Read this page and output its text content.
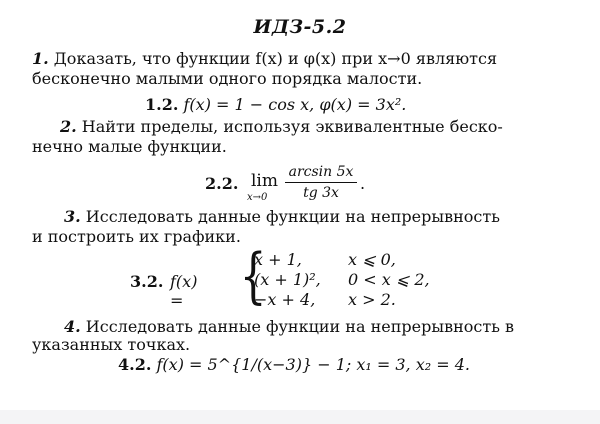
ИДЗ-5.2
1. Доказать, что функции f(x) и φ(x) при x→0 являются
бесконечно малыми одного порядка малости.
1.2. f(x) = 1 − cos x, φ(x) = 3x².
2. Найти пределы, используя эквивалентные беско-
нечно малые функции.
2.2. lim
x→0
arcsin 5x
tg 3x	.
3. Исследовать данные функции на непрерывность
и построить их графики.
3.2. f(x) = {
x + 1,	x ⩽ 0,
(x + 1)², 0 < x ⩽ 2,
−x + 4, x > 2.
4. Исследовать данные функции на непрерывность в
указанных точках.
4.2. f(x) = 5^{1/(x−3)} − 1; x₁ = 3, x₂ = 4.
